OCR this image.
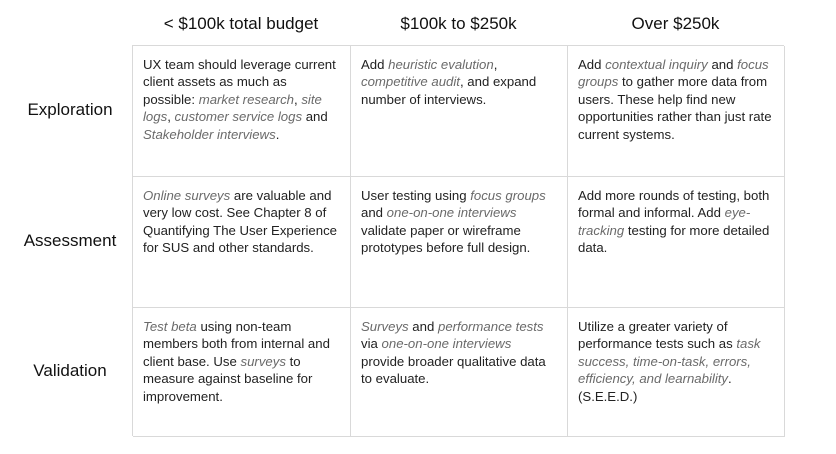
< $100k total budget	$100k to $250k	Over $250k
Exploration
Assessment
Validation
UX team should leverage current client assets as much as possible: market research, site logs, customer service logs and Stakeholder interviews.
Add heuristic evalution, competitive audit, and expand number of interviews.
Add contextual inquiry and focus groups to gather more data from users. These help find new opportunities rather than just rate current systems.
Online surveys are valuable and very low cost. See Chapter 8 of Quantifying The User Experience for SUS and other standards.
User testing using focus groups and one-on-one interviews validate paper or wireframe prototypes before full design.
Add more rounds of testing, both formal and informal. Add eye-tracking testing for more detailed data.
Test beta using non-team members both from internal and client base. Use surveys to measure against baseline for improvement.
Surveys and performance tests via one-on-one interviews provide broader qualitative data to evaluate.
Utilize a greater variety of performance tests such as task success, time-on-task, errors, efficiency, and learnability. (S.E.E.D.)
